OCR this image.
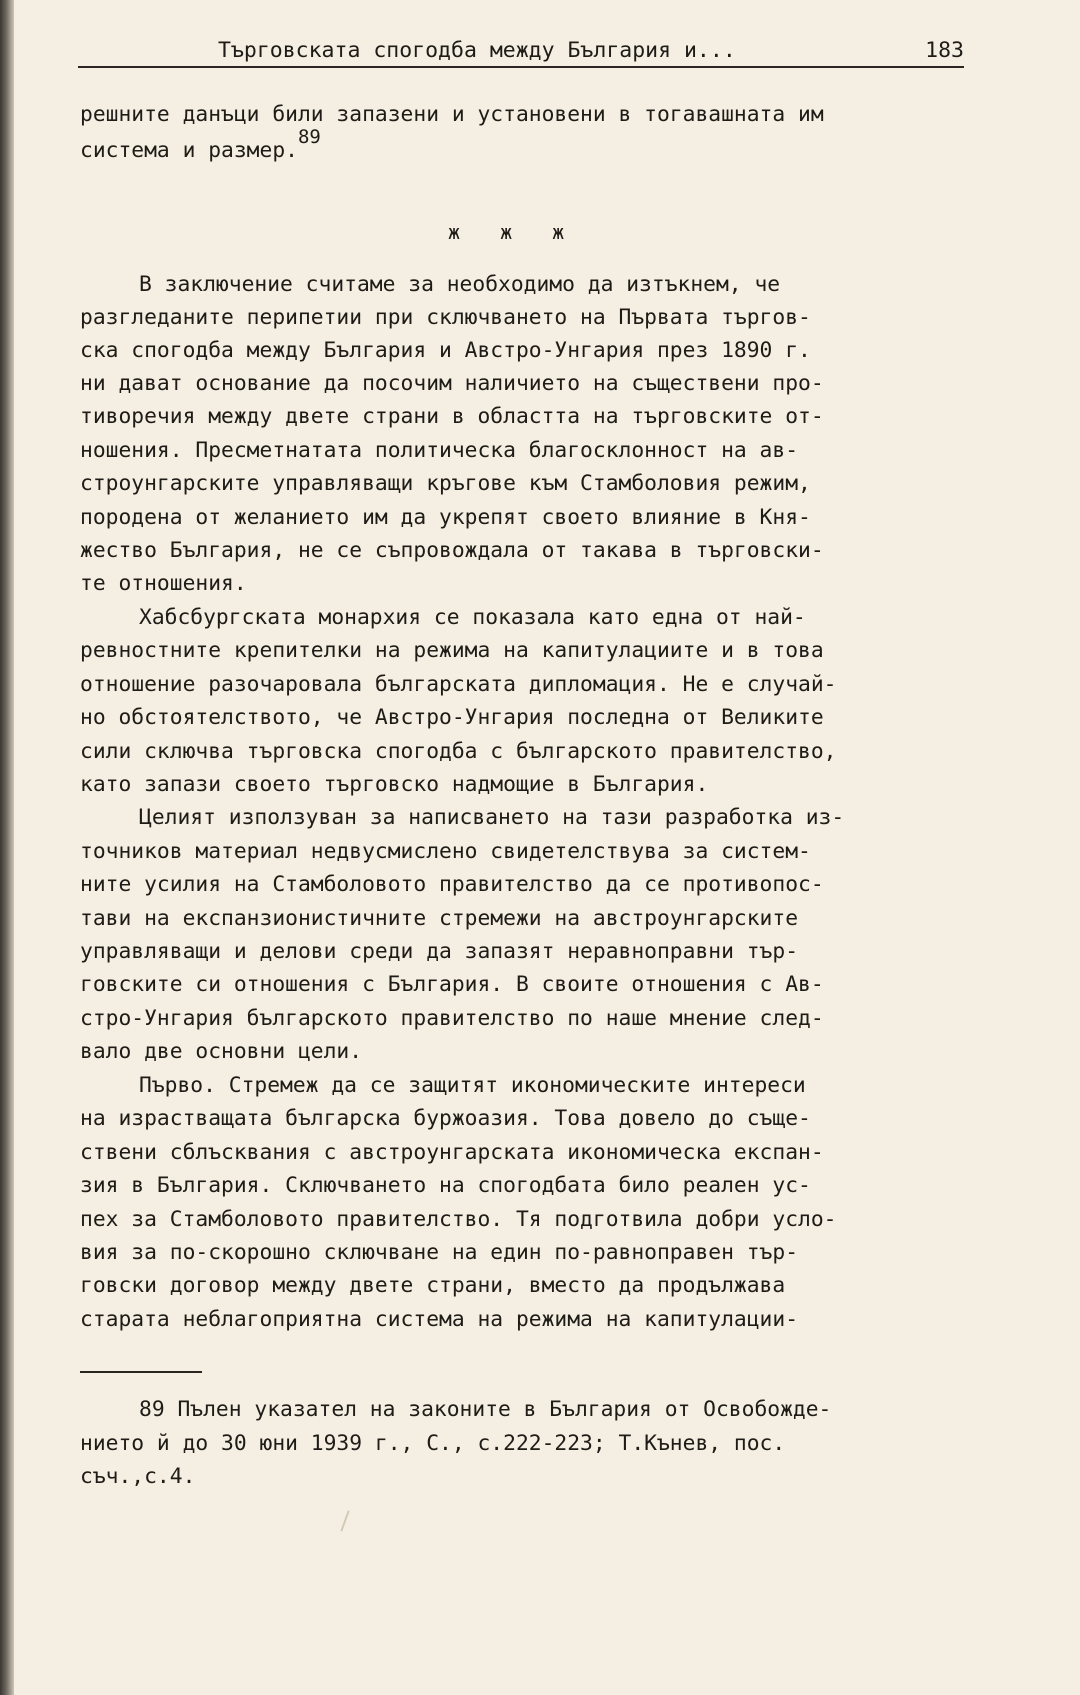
Търговската спогодба между България и...	183
решните данъци били запазени и установени в тогавашната им
система и размер.89
ж ж ж
В заключение считаме за необходимо да изтъкнем, че
разгледаните перипетии при сключването на Първата търгов-
ска спогодба между България и Австро-Унгария през 1890 г.
ни дават основание да посочим наличието на съществени про-
тиворечия между двете страни в областта на търговските от-
ношения. Пресметнатата политическа благосклонност на ав-
строунгарските управляващи кръгове към Стамболовия режим,
породена от желанието им да укрепят своето влияние в Кня-
жество България, не се съпровождала от такава в търговски-
те отношения.
Хабсбургската монархия се показала като една от най-
ревностните крепителки на режима на капитулациите и в това
отношение разочаровала българската дипломация. Не е случай-
но обстоятелството, че Австро-Унгария последна от Великите
сили сключва търговска спогодба с българското правителство,
като запази своето търговско надмощие в България.
Целият използуван за написването на тази разработка из-
точников материал недвусмислено свидетелствува за систем-
ните усилия на Стамболовото правителство да се противопос-
тави на експанзионистичните стремежи на австроунгарските
управляващи и делови среди да запазят неравноправни тър-
говските си отношения с България. В своите отношения с Ав-
стро-Унгария българското правителство по наше мнение след-
вало две основни цели.
Първо. Стремеж да се защитят икономическите интереси
на израстващата българска буржоазия. Това довело до съще-
ствени сблъсквания с австроунгарската икономическа експан-
зия в България. Сключването на спогодбата било реален ус-
пех за Стамболовото правителство. Тя подготвила добри усло-
вия за по-скорошно сключване на един по-равноправен тър-
говски договор между двете страни, вместо да продължава
старата неблагоприятна система на режима на капитулации-
89 Пълен указател на законите в България от Освобожде-
нието й до 30 юни 1939 г., С., с.222-223; Т.Кънев, пос.
съч.,с.4.
